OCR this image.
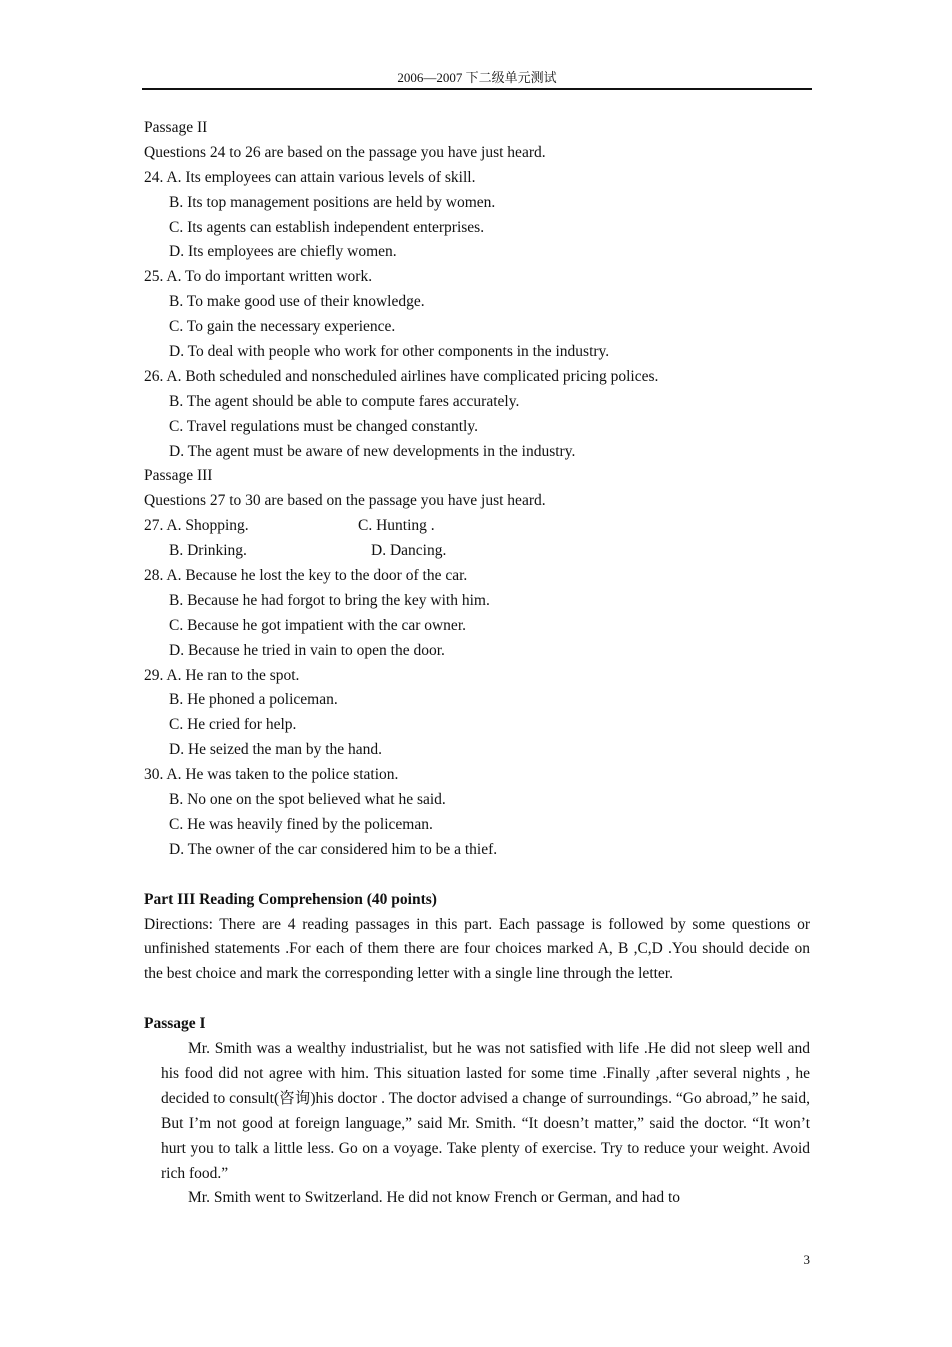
2006—2007 下二级单元测试
Passage II
Questions 24 to 26 are based on the passage you have just heard.
24. A. Its employees can attain various levels of skill.
B. Its top management positions are held by women.
C. Its agents can establish independent enterprises.
D. Its employees are chiefly women.
25. A. To do important written work.
B. To make good use of their knowledge.
C. To gain the necessary experience.
D. To deal with people who work for other components in the industry.
26. A. Both scheduled and nonscheduled airlines have complicated pricing polices.
B. The agent should be able to compute fares accurately.
C. Travel regulations must be changed constantly.
D. The agent must be aware of new developments in the industry.
Passage III
Questions 27 to 30 are based on the passage you have just heard.
27. A. Shopping.	C. Hunting .
B. Drinking.	D. Dancing.
28. A. Because he lost the key to the door of the car.
B. Because he had forgot to bring the key with him.
C. Because he got impatient with the car owner.
D. Because he tried in vain to open the door.
29. A. He ran to the spot.
B. He phoned a policeman.
C. He cried for help.
D. He seized the man by the hand.
30. A. He was taken to the police station.
B. No one on the spot believed what he said.
C. He was heavily fined by the policeman.
D. The owner of the car considered him to be a thief.
Part III Reading Comprehension (40 points)

Directions: There are 4 reading passages in this part. Each passage is followed by some questions or unfinished statements .For each of them there are four choices marked A, B ,C,D .You should decide on the best choice and mark the corresponding letter with a single line through the letter.

Passage I

Mr. Smith was a wealthy industrialist, but he was not satisfied with life .He did not sleep well and his food did not agree with him. This situation lasted for some time .Finally ,after several nights , he decided to consult(咨询)his doctor . The doctor advised a change of surroundings. “Go abroad,” he said, But I’m not good at foreign language,” said Mr. Smith. “It doesn’t matter,” said the doctor. “It won’t hurt you to talk a little less. Go on a voyage. Take plenty of exercise. Try to reduce your weight. Avoid rich food.”

Mr. Smith went to Switzerland. He did not know French or German, and had to

3
